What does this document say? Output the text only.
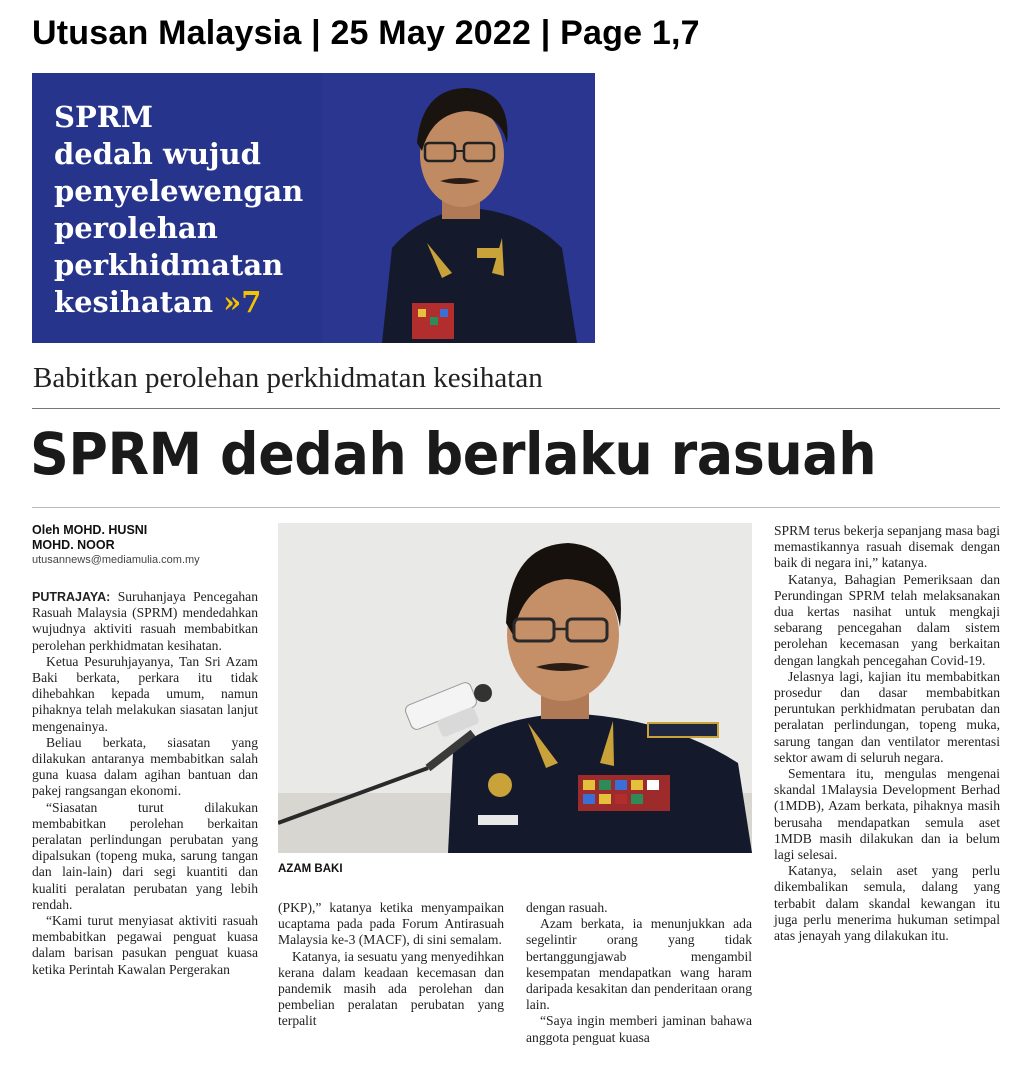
Utusan Malaysia | 25 May 2022 | Page 1,7

SPRM
dedah wujud
penyelewengan
perolehan
perkhidmatan
kesihatan »7

Babitkan perolehan perkhidmatan kesihatan
SPRM dedah berlaku rasuah
Oleh MOHD. HUSNI
MOHD. NOOR
utusannews@mediamulia.com.my

PUTRAJAYA: Suruhanjaya Pencegahan Rasuah Malaysia (SPRM) mendedahkan wujudnya aktiviti rasuah membabitkan perolehan perkhidmatan kesihatan.

Ketua Pesuruhjayanya, Tan Sri Azam Baki berkata, perkara itu tidak dihebahkan kepada umum, namun pihaknya telah melakukan siasatan lanjut mengenainya.

Beliau berkata, siasatan yang dilakukan antaranya membabitkan salah guna kuasa dalam agihan bantuan dan pakej rangsangan ekonomi.

“Siasatan turut dilakukan membabitkan perolehan berkaitan peralatan perlindungan perubatan yang dipalsukan (topeng muka, sarung tangan dan lain-lain) dari segi kuantiti dan kualiti peralatan perubatan yang lebih rendah.

“Kami turut menyiasat aktiviti rasuah membabitkan pegawai penguat kuasa dalam barisan pasukan penguat kuasa ketika Perintah Kawalan Pergerakan

AZAM BAKI

(PKP),” katanya ketika menyampaikan ucaptama pada pada Forum Antirasuah Malaysia ke-3 (MACF), di sini semalam.

Katanya, ia sesuatu yang menyedihkan kerana dalam keadaan kecemasan dan pandemik masih ada perolehan dan pembelian peralatan perubatan yang terpalit

dengan rasuah.

Azam berkata, ia menunjukkan ada segelintir orang yang tidak bertanggungjawab mengambil kesempatan mendapatkan wang haram daripada kesakitan dan penderitaan orang lain.

“Saya ingin memberi jaminan bahawa anggota penguat kuasa

SPRM terus bekerja sepanjang masa bagi memastikannya rasuah disemak dengan baik di negara ini,” katanya.

Katanya, Bahagian Pemeriksaan dan Perundingan SPRM telah melaksanakan dua kertas nasihat untuk mengkaji sebarang pencegahan dalam sistem perolehan kecemasan yang berkaitan dengan langkah pencegahan Covid-19.

Jelasnya lagi, kajian itu membabitkan prosedur dan dasar membabitkan peruntukan perkhidmatan perubatan dan peralatan perlindungan, topeng muka, sarung tangan dan ventilator merentasi sektor awam di seluruh negara.

Sementara itu, mengulas mengenai skandal 1Malaysia Development Berhad (1MDB), Azam berkata, pihaknya masih berusaha mendapatkan semula aset 1MDB masih dilakukan dan ia belum lagi selesai.

Katanya, selain aset yang perlu dikembalikan semula, dalang yang terbabit dalam skandal kewangan itu juga perlu menerima hukuman setimpal atas jenayah yang dilakukan itu.
